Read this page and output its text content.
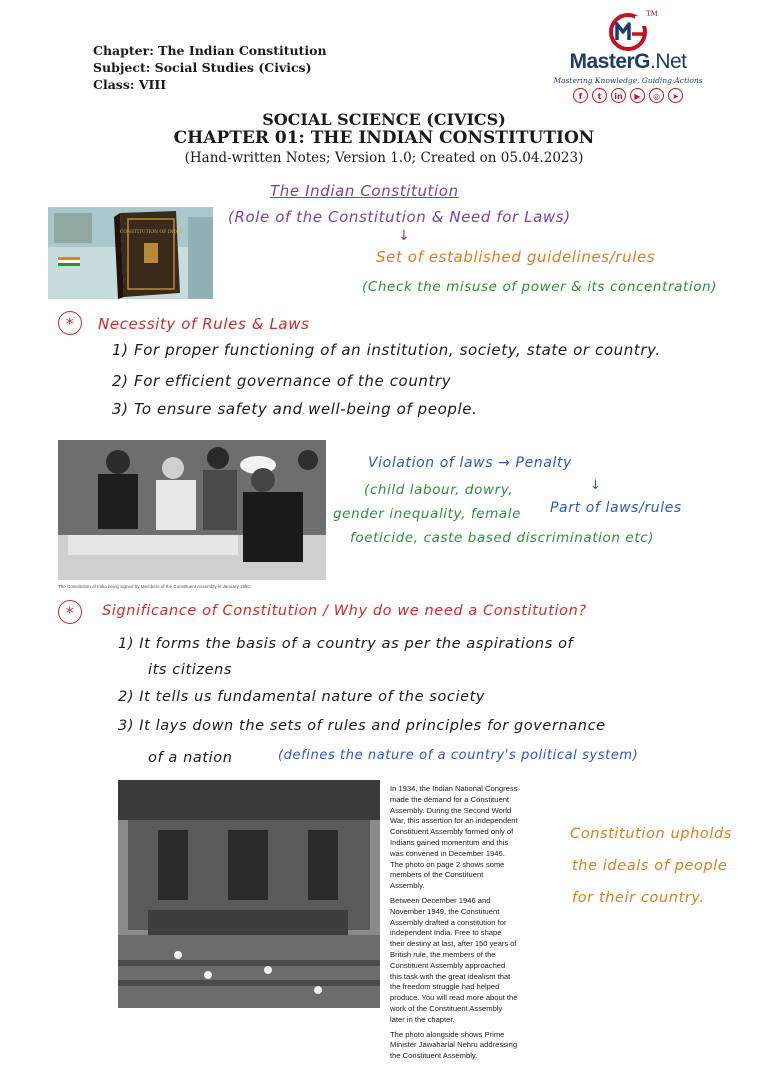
Chapter: The Indian Constitution
Subject: Social Studies (Civics)
Class: VIII
TM
MasterG.Net
Mastering Knowledge, Guiding Actions
f	t	in	▶	◎	➤
SOCIAL SCIENCE (CIVICS)
CHAPTER 01: THE INDIAN CONSTITUTION
(Hand-written Notes; Version 1.0; Created on 05.04.2023)
CONSTITUTION OF INDIA
The Indian Constitution
(Role of the Constitution & Need for Laws)
↓
Set of established guidelines/rules
(Check the misuse of power & its concentration)
*	Necessity of Rules & Laws
1) For proper functioning of an institution, society, state or country.
2) For efficient governance of the country
3) To ensure safety and well-being of people.
The Constitution of India being signed by Members of the Constituent Assembly in January 1950.
Violation of laws → Penalty
(child labour, dowry,
gender inequality, female
foeticide, caste based discrimination etc)
↓
Part of laws/rules
*	Significance of Constitution / Why do we need a Constitution?
1) It forms the basis of a country as per the aspirations of
its citizens
2) It tells us fundamental nature of the society
3) It lays down the sets of rules and principles for governance
of a nation	(defines the nature of a country's political system)

In 1934, the Indian National Congress made the demand for a Constituent Assembly. During the Second World War, this assertion for an independent Constituent Assembly formed only of Indians gained momentum and this was convened in December 1946. The photo on page 2 shows some members of the Constituent Assembly.

Between December 1946 and November 1949, the Constituent Assembly drafted a constitution for independent India. Free to shape their destiny at last, after 150 years of British rule, the members of the Constituent Assembly approached this task with the great idealism that the freedom struggle had helped produce. You will read more about the work of the Constituent Assembly later in the chapter.

The photo alongside shows Prime Minister Jawaharlal Nehru addressing the Constituent Assembly.

Constitution upholds
the ideals of people
for their country.
